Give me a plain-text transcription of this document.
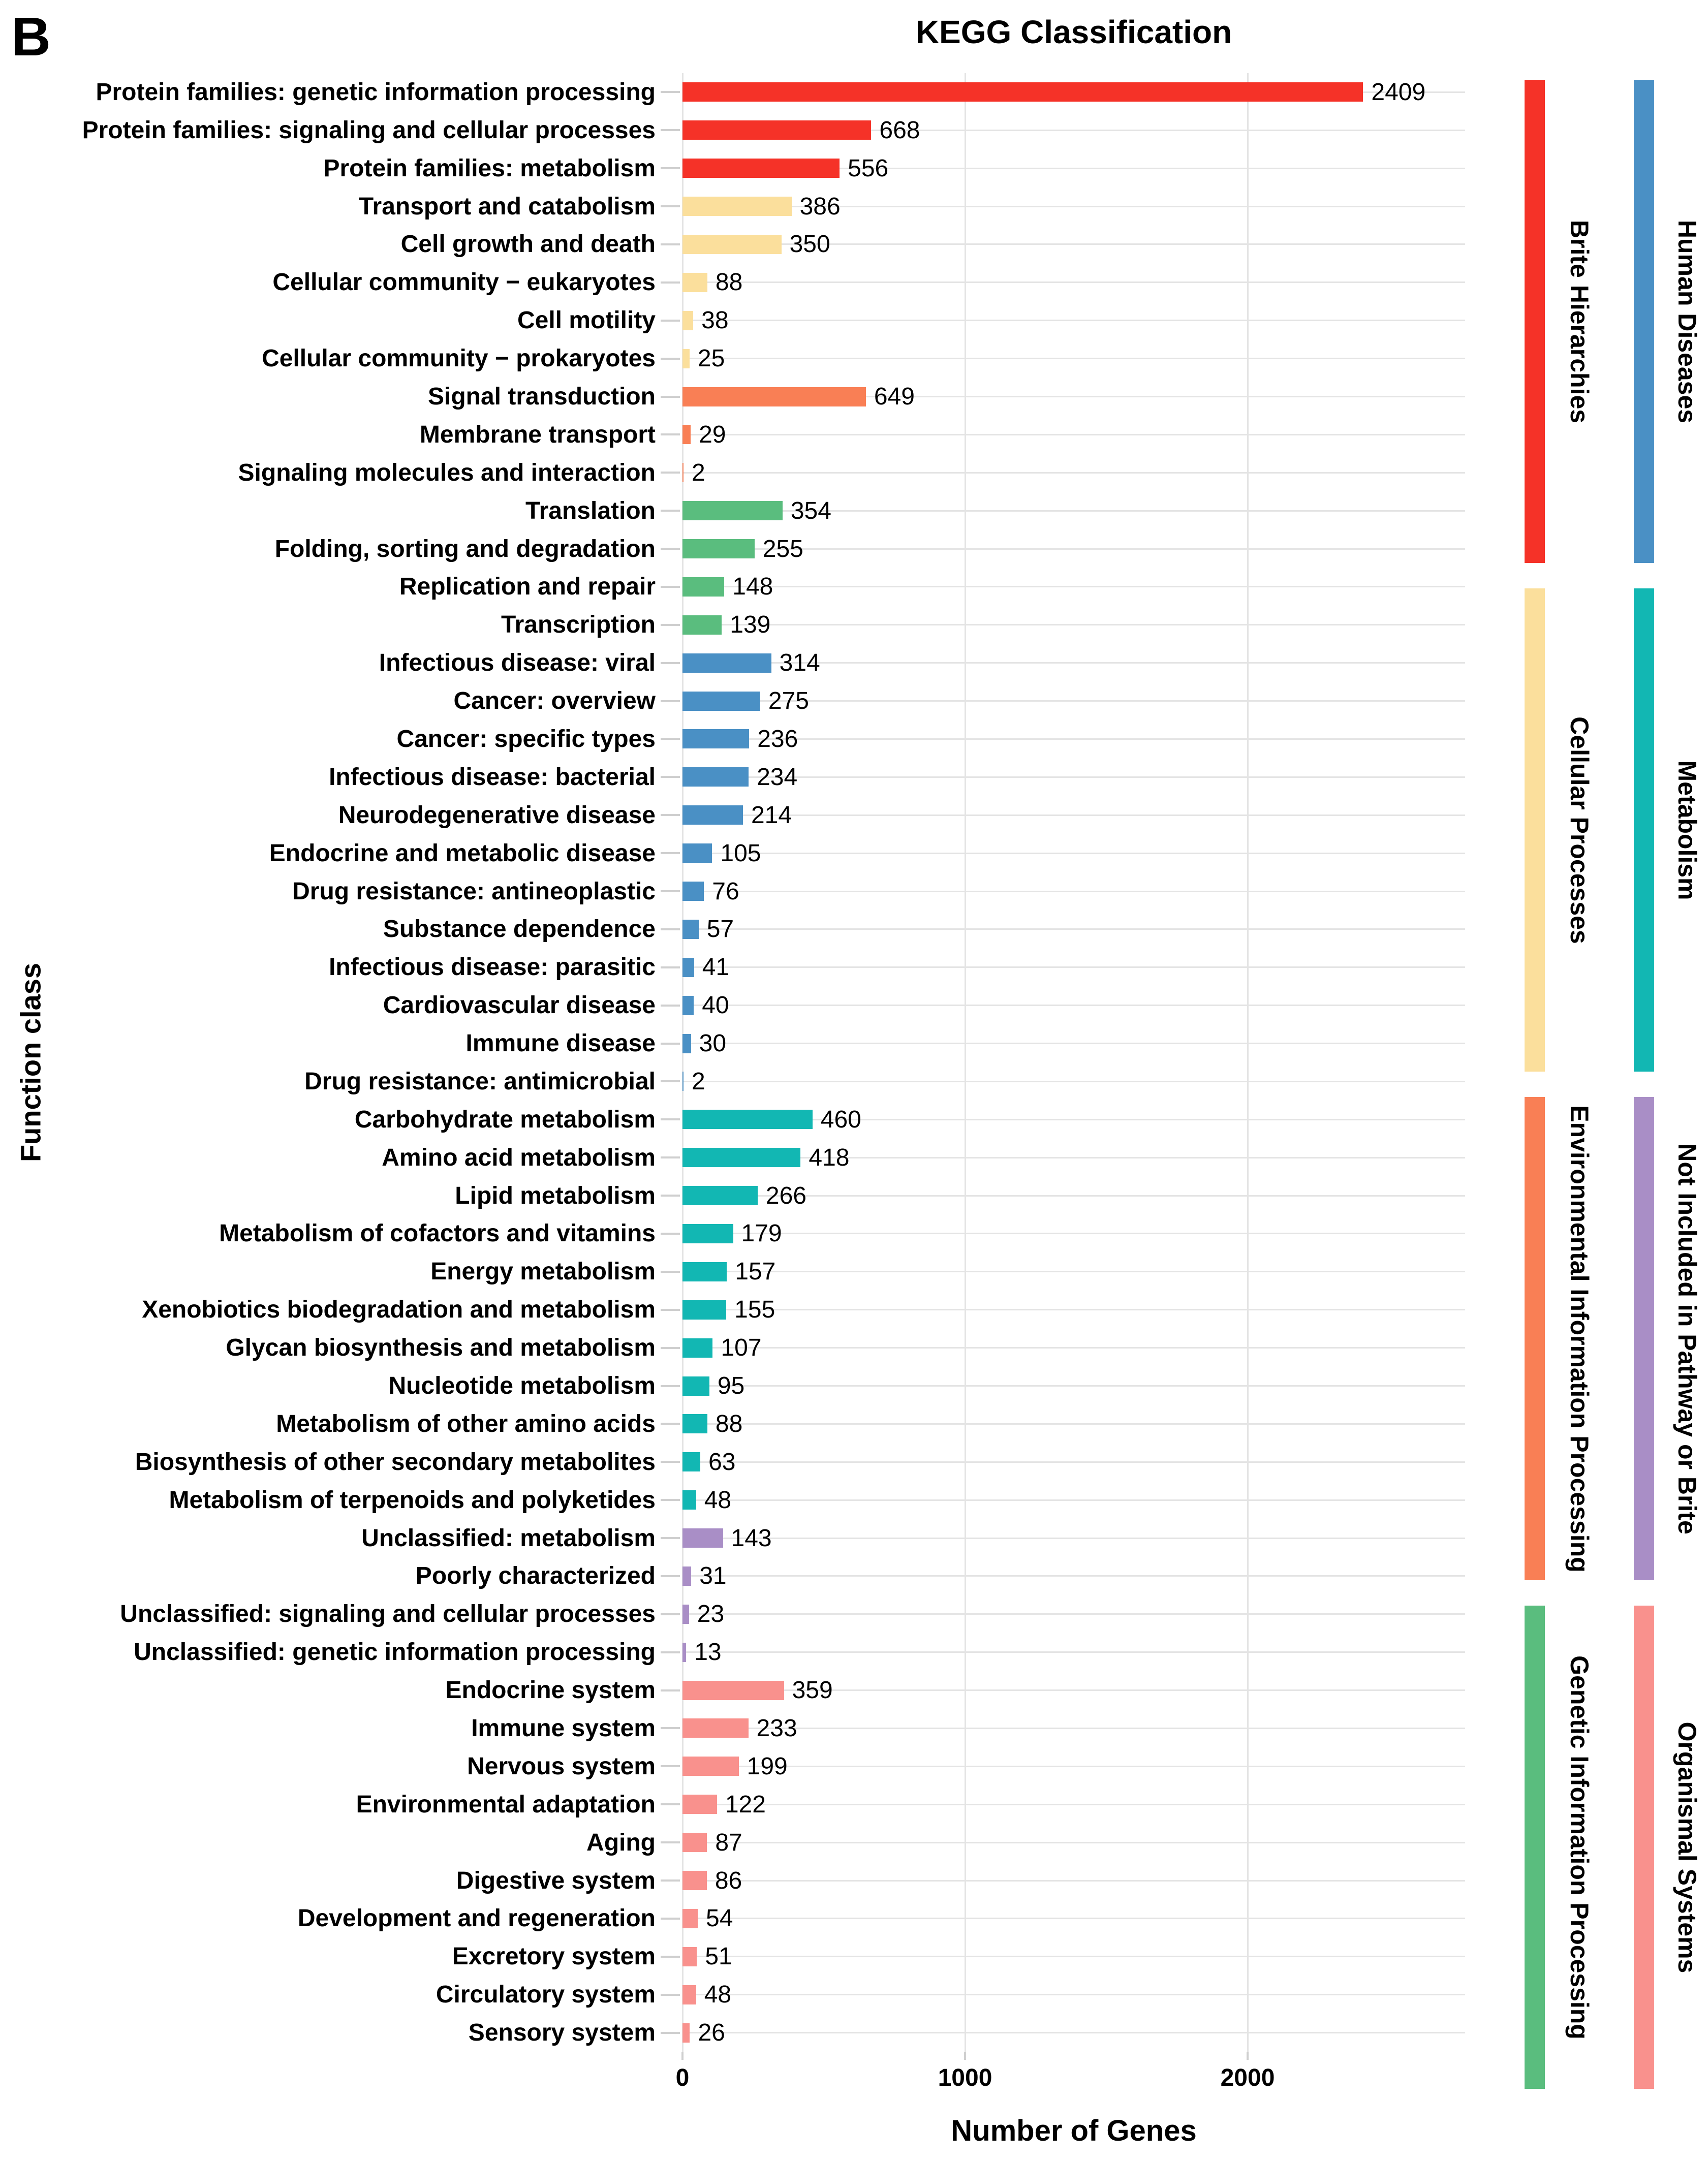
B	KEGG Classification
Function class
Protein families: genetic information processing	2409
Protein families: signaling and cellular processes	668
Protein families: metabolism	556
Transport and catabolism	386
Cell growth and death	350
Cellular community − eukaryotes 88
Cell motility 38
Cellular community − prokaryotes 25
Signal transduction	649
Membrane transport 29
Signaling molecules and interaction 2
Translation	354
Folding, sorting and degradation	255
Replication and repair	148
Transcription	139
Infectious disease: viral	314
Cancer: overview	275
Cancer: specific types	236
Infectious disease: bacterial	234
Neurodegenerative disease	214
Endocrine and metabolic disease	105
Drug resistance: antineoplastic 76
Substance dependence 57
Infectious disease: parasitic 41
Cardiovascular disease 40
Immune disease 30
Drug resistance: antimicrobial 2
Carbohydrate metabolism	460
Amino acid metabolism	418
Lipid metabolism	266
Metabolism of cofactors and vitamins	179
Energy metabolism	157
Xenobiotics biodegradation and metabolism	155
Glycan biosynthesis and metabolism	107
Nucleotide metabolism	95
Metabolism of other amino acids 88
Biosynthesis of other secondary metabolites 63
Metabolism of terpenoids and polyketides 48
Unclassified: metabolism	143
Poorly characterized 31
Unclassified: signaling and cellular processes 23
Unclassified: genetic information processing 13
Endocrine system	359
Immune system	233
Nervous system	199
Environmental adaptation	122
Aging 87
Digestive system 86
Development and regeneration 54
Excretory system 51
Circulatory system 48
Sensory system 26
0	1000	2000
Number of Genes
Brite Hierarchies
Cellular Processes
Environmental Information Processing
Genetic Information Processing
Human Diseases
Metabolism
Not Included in Pathway or Brite
Organismal Systems
